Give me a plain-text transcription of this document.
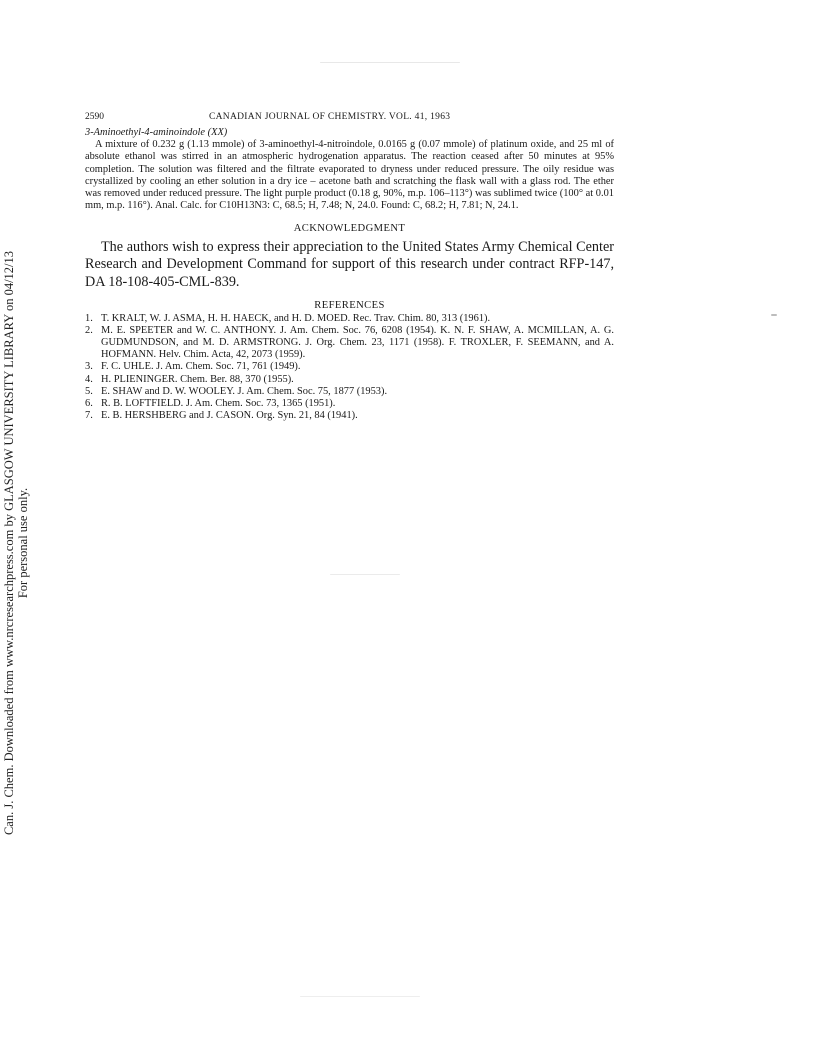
Can. J. Chem. Downloaded from www.nrcresearchpress.com by GLASGOW UNIVERSITY LIBRARY on 04/12/13 For personal use only.
2590	CANADIAN JOURNAL OF CHEMISTRY. VOL. 41, 1963

3-Aminoethyl-4-aminoindole (XX)

A mixture of 0.232 g (1.13 mmole) of 3-aminoethyl-4-nitroindole, 0.0165 g (0.07 mmole) of platinum oxide, and 25 ml of absolute ethanol was stirred in an atmospheric hydrogenation apparatus. The reaction ceased after 50 minutes at 95% completion. The solution was filtered and the filtrate evaporated to dryness under reduced pressure. The oily residue was crystallized by cooling an ether solution in a dry ice – acetone bath and scratching the flask wall with a glass rod. The ether was removed under reduced pressure. The light purple product (0.18 g, 90%, m.p. 106–113°) was sublimed twice (100° at 0.01 mm, m.p. 116°). Anal. Calc. for C10H13N3: C, 68.5; H, 7.48; N, 24.0. Found: C, 68.2; H, 7.81; N, 24.1.

ACKNOWLEDGMENT

The authors wish to express their appreciation to the United States Army Chemical Center Research and Development Command for support of this research under contract RFP-147, DA 18-108-405-CML-839.

REFERENCES
1. T. KRALT, W. J. ASMA, H. H. HAECK, and H. D. MOED. Rec. Trav. Chim. 80, 313 (1961).
2. M. E. SPEETER and W. C. ANTHONY. J. Am. Chem. Soc. 76, 6208 (1954). K. N. F. SHAW, A. MCMILLAN, A. G. GUDMUNDSON, and M. D. ARMSTRONG. J. Org. Chem. 23, 1171 (1958). F. TROXLER, F. SEEMANN, and A. HOFMANN. Helv. Chim. Acta, 42, 2073 (1959).
3. F. C. UHLE. J. Am. Chem. Soc. 71, 761 (1949).
4. H. PLIENINGER. Chem. Ber. 88, 370 (1955).
5. E. SHAW and D. W. WOOLEY. J. Am. Chem. Soc. 75, 1877 (1953).
6. R. B. LOFTFIELD. J. Am. Chem. Soc. 73, 1365 (1951).
7. E. B. HERSHBERG and J. CASON. Org. Syn. 21, 84 (1941).
